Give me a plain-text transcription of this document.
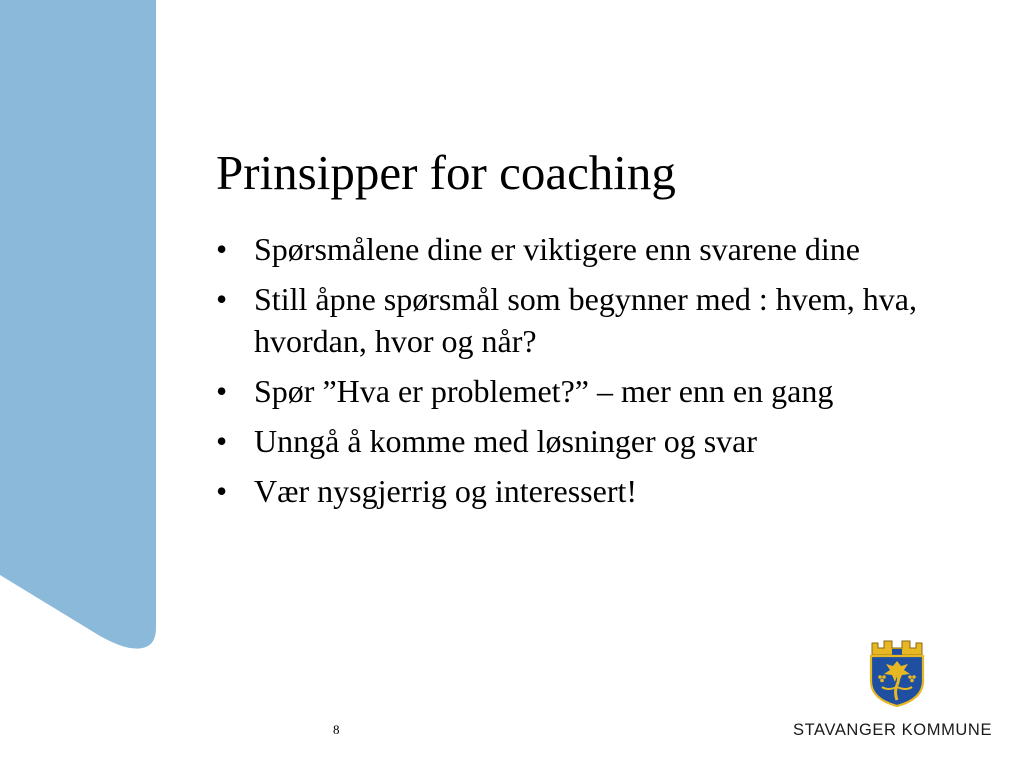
Prinsipper for coaching
• Spørsmålene dine er viktigere enn svarene dine
• Still åpne spørsmål som begynner med : hvem, hva, hvordan, hvor og når?
• Spør ”Hva er problemet?” – mer enn en gang
• Unngå å komme med løsninger og svar
• Vær nysgjerrig og interessert!
8	STAVANGER KOMMUNE
